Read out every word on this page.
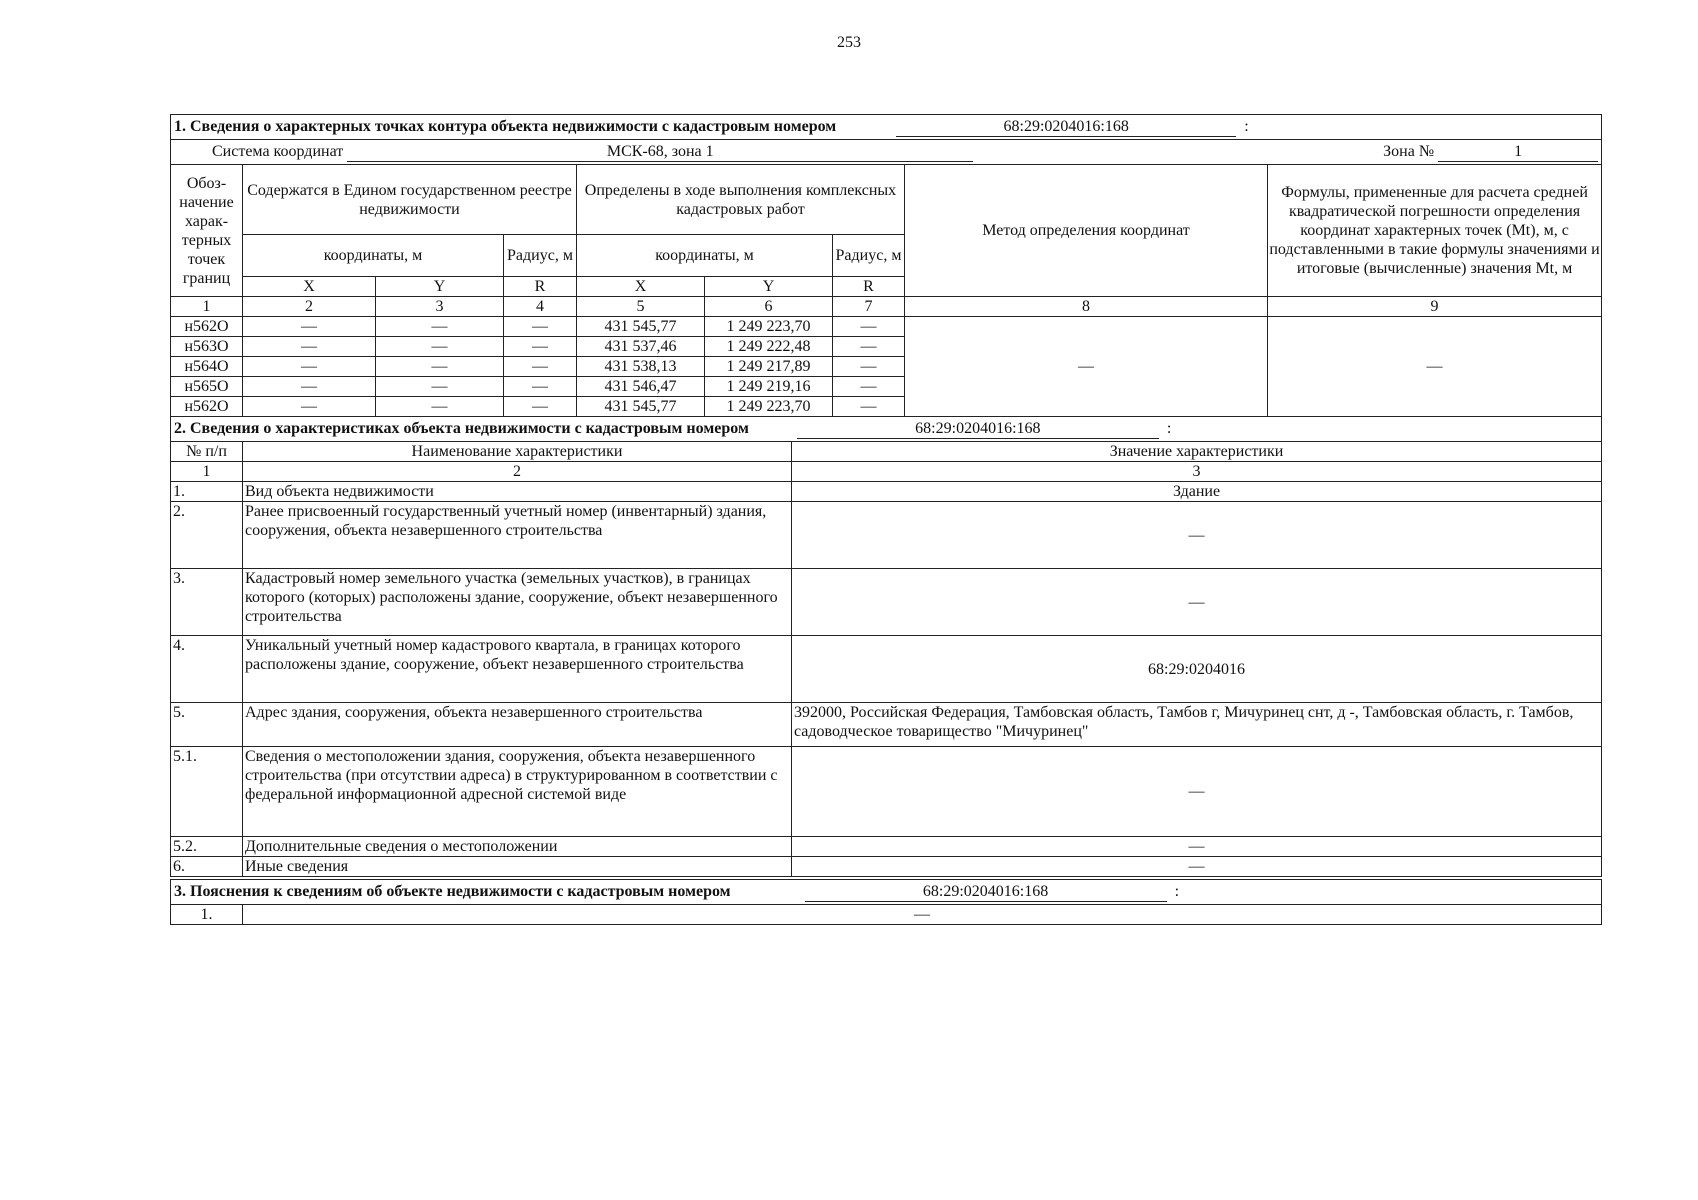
253
1. Сведения о характерных точках контура объекта недвижимости с кадастровым номером 68:29:0204016:168 :								
Система координат МСК-68, зона 1 Зона № 1								

Обоз-начение харак-терных точек границ	Содержатся в Едином государственном реестре недвижимости			Определены в ходе выполнения комплексных кадастровых работ			Метод определения координат	Формулы, примененные для расчета средней квадратической погрешности определения координат характерных точек (Mt), м, с подставленными в такие формулы значениями и итоговые (вычисленные) значения Mt, м
	координаты, м		Радиус, м	координаты, м		Радиус, м		
	X	Y	R	X	Y	R		
1	2	3	4	5	6	7	8	9
н562О	—	—	—	431 545,77	1 249 223,70	—	—	—
н563О	—	—	—	431 537,46	1 249 222,48	—		
н564О	—	—	—	431 538,13	1 249 217,89	—		
н565О	—	—	—	431 546,47	1 249 219,16	—		
н562О	—	—	—	431 545,77	1 249 223,70	—		
2. Сведения о характеристиках объекта недвижимости с кадастровым номером 68:29:0204016:168 :		
№ п/п	Наименование характеристики	Значение характеристики
1	2	3
1.	Вид объекта недвижимости	Здание
2.	Ранее присвоенный государственный учетный номер (инвентарный) здания, сооружения, объекта незавершенного строительства	—
3.	Кадастровый номер земельного участка (земельных участков), в границах которого (которых) расположены здание, сооружение, объект незавершенного строительства	—
4.	Уникальный учетный номер кадастрового квартала, в границах которого расположены здание, сооружение, объект незавершенного строительства	68:29:0204016
5.	Адрес здания, сооружения, объекта незавершенного строительства	392000, Российская Федерация, Тамбовская область, Тамбов г, Мичуринец снт, д -, Тамбовская область, г. Тамбов, садоводческое товарищество "Мичуринец"
5.1.	Сведения о местоположении здания, сооружения, объекта незавершенного строительства (при отсутствии адреса) в структурированном в соответствии с федеральной информационной адресной системой виде	—
5.2.	Дополнительные сведения о местоположении	—
6.	Иные сведения	—
3. Пояснения к сведениям об объекте недвижимости с кадастровым номером	68:29:0204016:168	:
1.	—
